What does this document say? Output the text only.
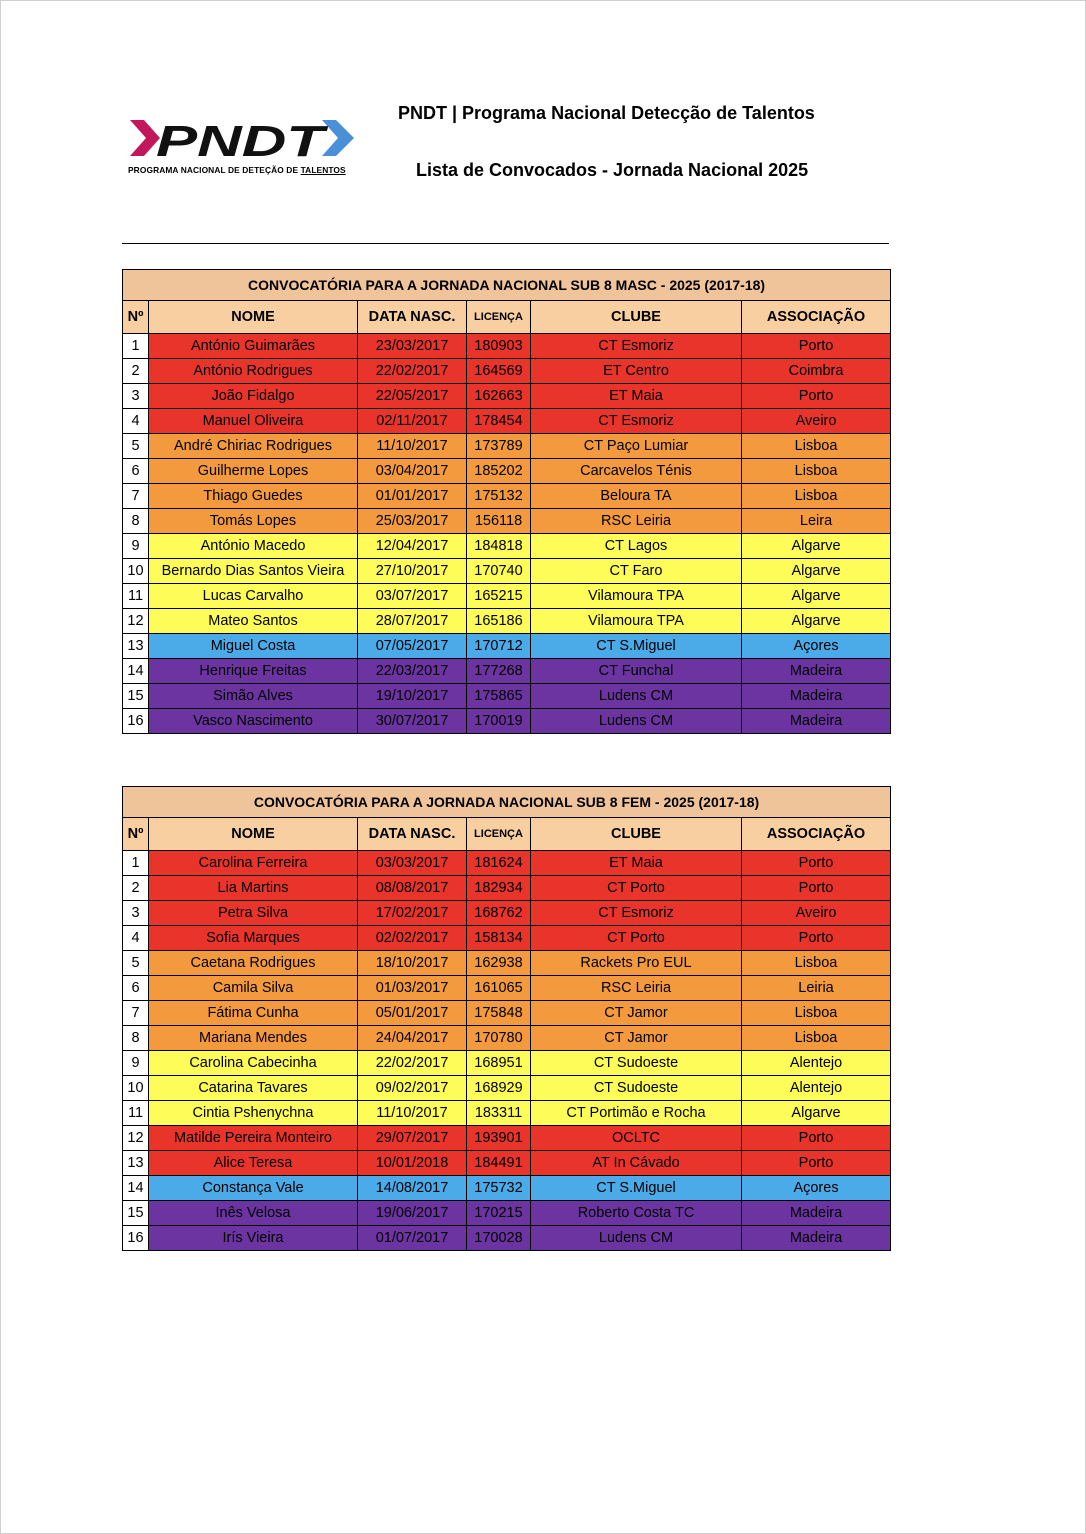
PNDT
PROGRAMA NACIONAL DE DETEÇÃO DE TALENTOS
PNDT | Programa Nacional Detecção de Talentos
Lista de Convocados - Jornada Nacional 2025
CONVOCATÓRIA PARA A JORNADA NACIONAL SUB 8 MASC - 2025 (2017-18)					
Nº	NOME	DATA NASC.	LICENÇA	CLUBE	ASSOCIAÇÃO
1	António Guimarães	23/03/2017	180903	CT Esmoriz	Porto
2	António Rodrigues	22/02/2017	164569	ET Centro	Coimbra
3	João Fidalgo	22/05/2017	162663	ET Maia	Porto
4	Manuel Oliveira	02/11/2017	178454	CT Esmoriz	Aveiro
5	André Chiriac Rodrigues	11/10/2017	173789	CT Paço Lumiar	Lisboa
6	Guilherme Lopes	03/04/2017	185202	Carcavelos Ténis	Lisboa
7	Thiago Guedes	01/01/2017	175132	Beloura TA	Lisboa
8	Tomás Lopes	25/03/2017	156118	RSC Leiria	Leira
9	António Macedo	12/04/2017	184818	CT Lagos	Algarve
10	Bernardo Dias Santos Vieira	27/10/2017	170740	CT Faro	Algarve
11	Lucas Carvalho	03/07/2017	165215	Vilamoura TPA	Algarve
12	Mateo Santos	28/07/2017	165186	Vilamoura TPA	Algarve
13	Miguel Costa	07/05/2017	170712	CT S.Miguel	Açores
14	Henrique Freitas	22/03/2017	177268	CT Funchal	Madeira
15	Simão Alves	19/10/2017	175865	Ludens CM	Madeira
16	Vasco Nascimento	30/07/2017	170019	Ludens CM	Madeira
CONVOCATÓRIA PARA A JORNADA NACIONAL SUB 8 FEM - 2025 (2017-18)					
Nº	NOME	DATA NASC.	LICENÇA	CLUBE	ASSOCIAÇÃO
1	Carolina Ferreira	03/03/2017	181624	ET Maia	Porto
2	Lia Martins	08/08/2017	182934	CT Porto	Porto
3	Petra Silva	17/02/2017	168762	CT Esmoriz	Aveiro
4	Sofia Marques	02/02/2017	158134	CT Porto	Porto
5	Caetana Rodrigues	18/10/2017	162938	Rackets Pro EUL	Lisboa
6	Camila Silva	01/03/2017	161065	RSC Leiria	Leiria
7	Fátima Cunha	05/01/2017	175848	CT Jamor	Lisboa
8	Mariana Mendes	24/04/2017	170780	CT Jamor	Lisboa
9	Carolina Cabecinha	22/02/2017	168951	CT Sudoeste	Alentejo
10	Catarina Tavares	09/02/2017	168929	CT Sudoeste	Alentejo
11	Cintia Pshenychna	11/10/2017	183311	CT Portimão e Rocha	Algarve
12	Matilde Pereira Monteiro	29/07/2017	193901	OCLTC	Porto
13	Alice Teresa	10/01/2018	184491	AT In Cávado	Porto
14	Constança Vale	14/08/2017	175732	CT S.Miguel	Açores
15	Inês Velosa	19/06/2017	170215	Roberto Costa TC	Madeira
16	Irís Vieira	01/07/2017	170028	Ludens CM	Madeira
